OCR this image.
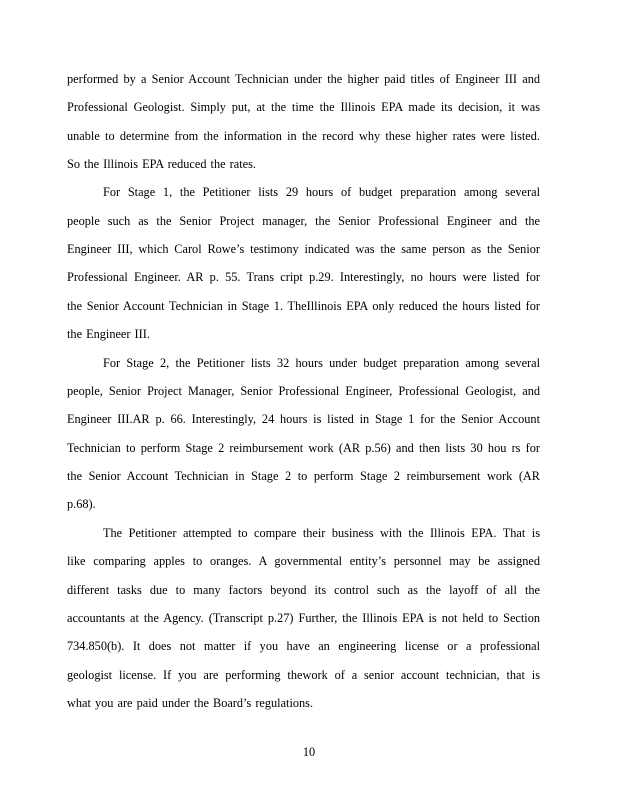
performed by a Senior Account Technician under the higher paid titles of Engineer III and
Professional Geologist. Simply put, at the time the Illinois EPA made its decision, it was
unable to determine from the information in the record why these higher rates were listed.
So the Illinois EPA reduced the rates.
For Stage 1, the Petitioner lists 29 hours of budget preparation among several
people such as the Senior Project manager, the Senior Professional Engineer and the
Engineer III, which Carol Rowe’s testimony indicated was the same person as the Senior
Professional Engineer. AR p. 55. Trans cript p.29. Interestingly, no hours were listed for
the Senior Account Technician in Stage 1. TheIllinois EPA only reduced the hours listed for
the Engineer III.
For Stage 2, the Petitioner lists 32 hours under budget preparation among several
people, Senior Project Manager, Senior Professional Engineer, Professional Geologist, and
Engineer III.AR p. 66. Interestingly, 24 hours is listed in Stage 1 for the Senior Account
Technician to perform Stage 2 reimbursement work (AR p.56) and then lists 30 hou rs for
the Senior Account Technician in Stage 2 to perform Stage 2 reimbursement work (AR
p.68).
The Petitioner attempted to compare their business with the Illinois EPA. That is
like comparing apples to oranges. A governmental entity’s personnel may be assigned
different tasks due to many factors beyond its control such as the layoff of all the
accountants at the Agency. (Transcript p.27) Further, the Illinois EPA is not held to Section
734.850(b). It does not matter if you have an engineering license or a professional
geologist license. If you are performing thework of a senior account technician, that is
what you are paid under the Board’s regulations.
10
